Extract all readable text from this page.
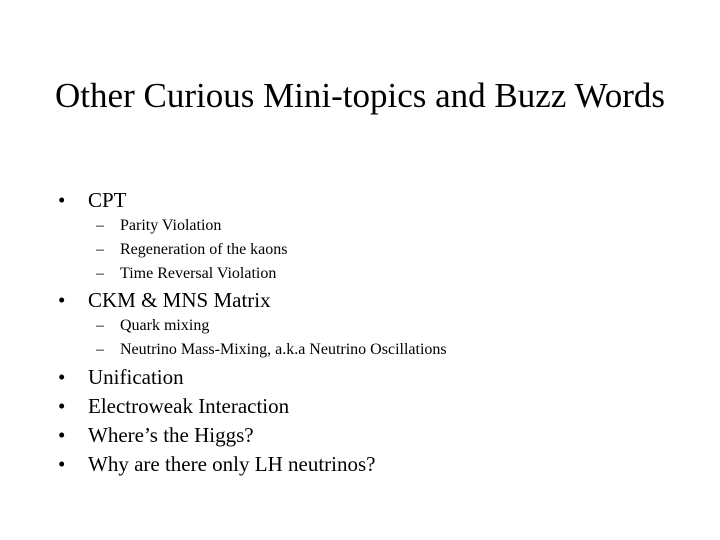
Other Curious Mini-topics and Buzz Words
• CPT
– Parity Violation
– Regeneration of the kaons
– Time Reversal Violation
• CKM & MNS Matrix
– Quark mixing
– Neutrino Mass-Mixing, a.k.a Neutrino Oscillations
• Unification
• Electroweak Interaction
• Where’s the Higgs?
• Why are there only LH neutrinos?
